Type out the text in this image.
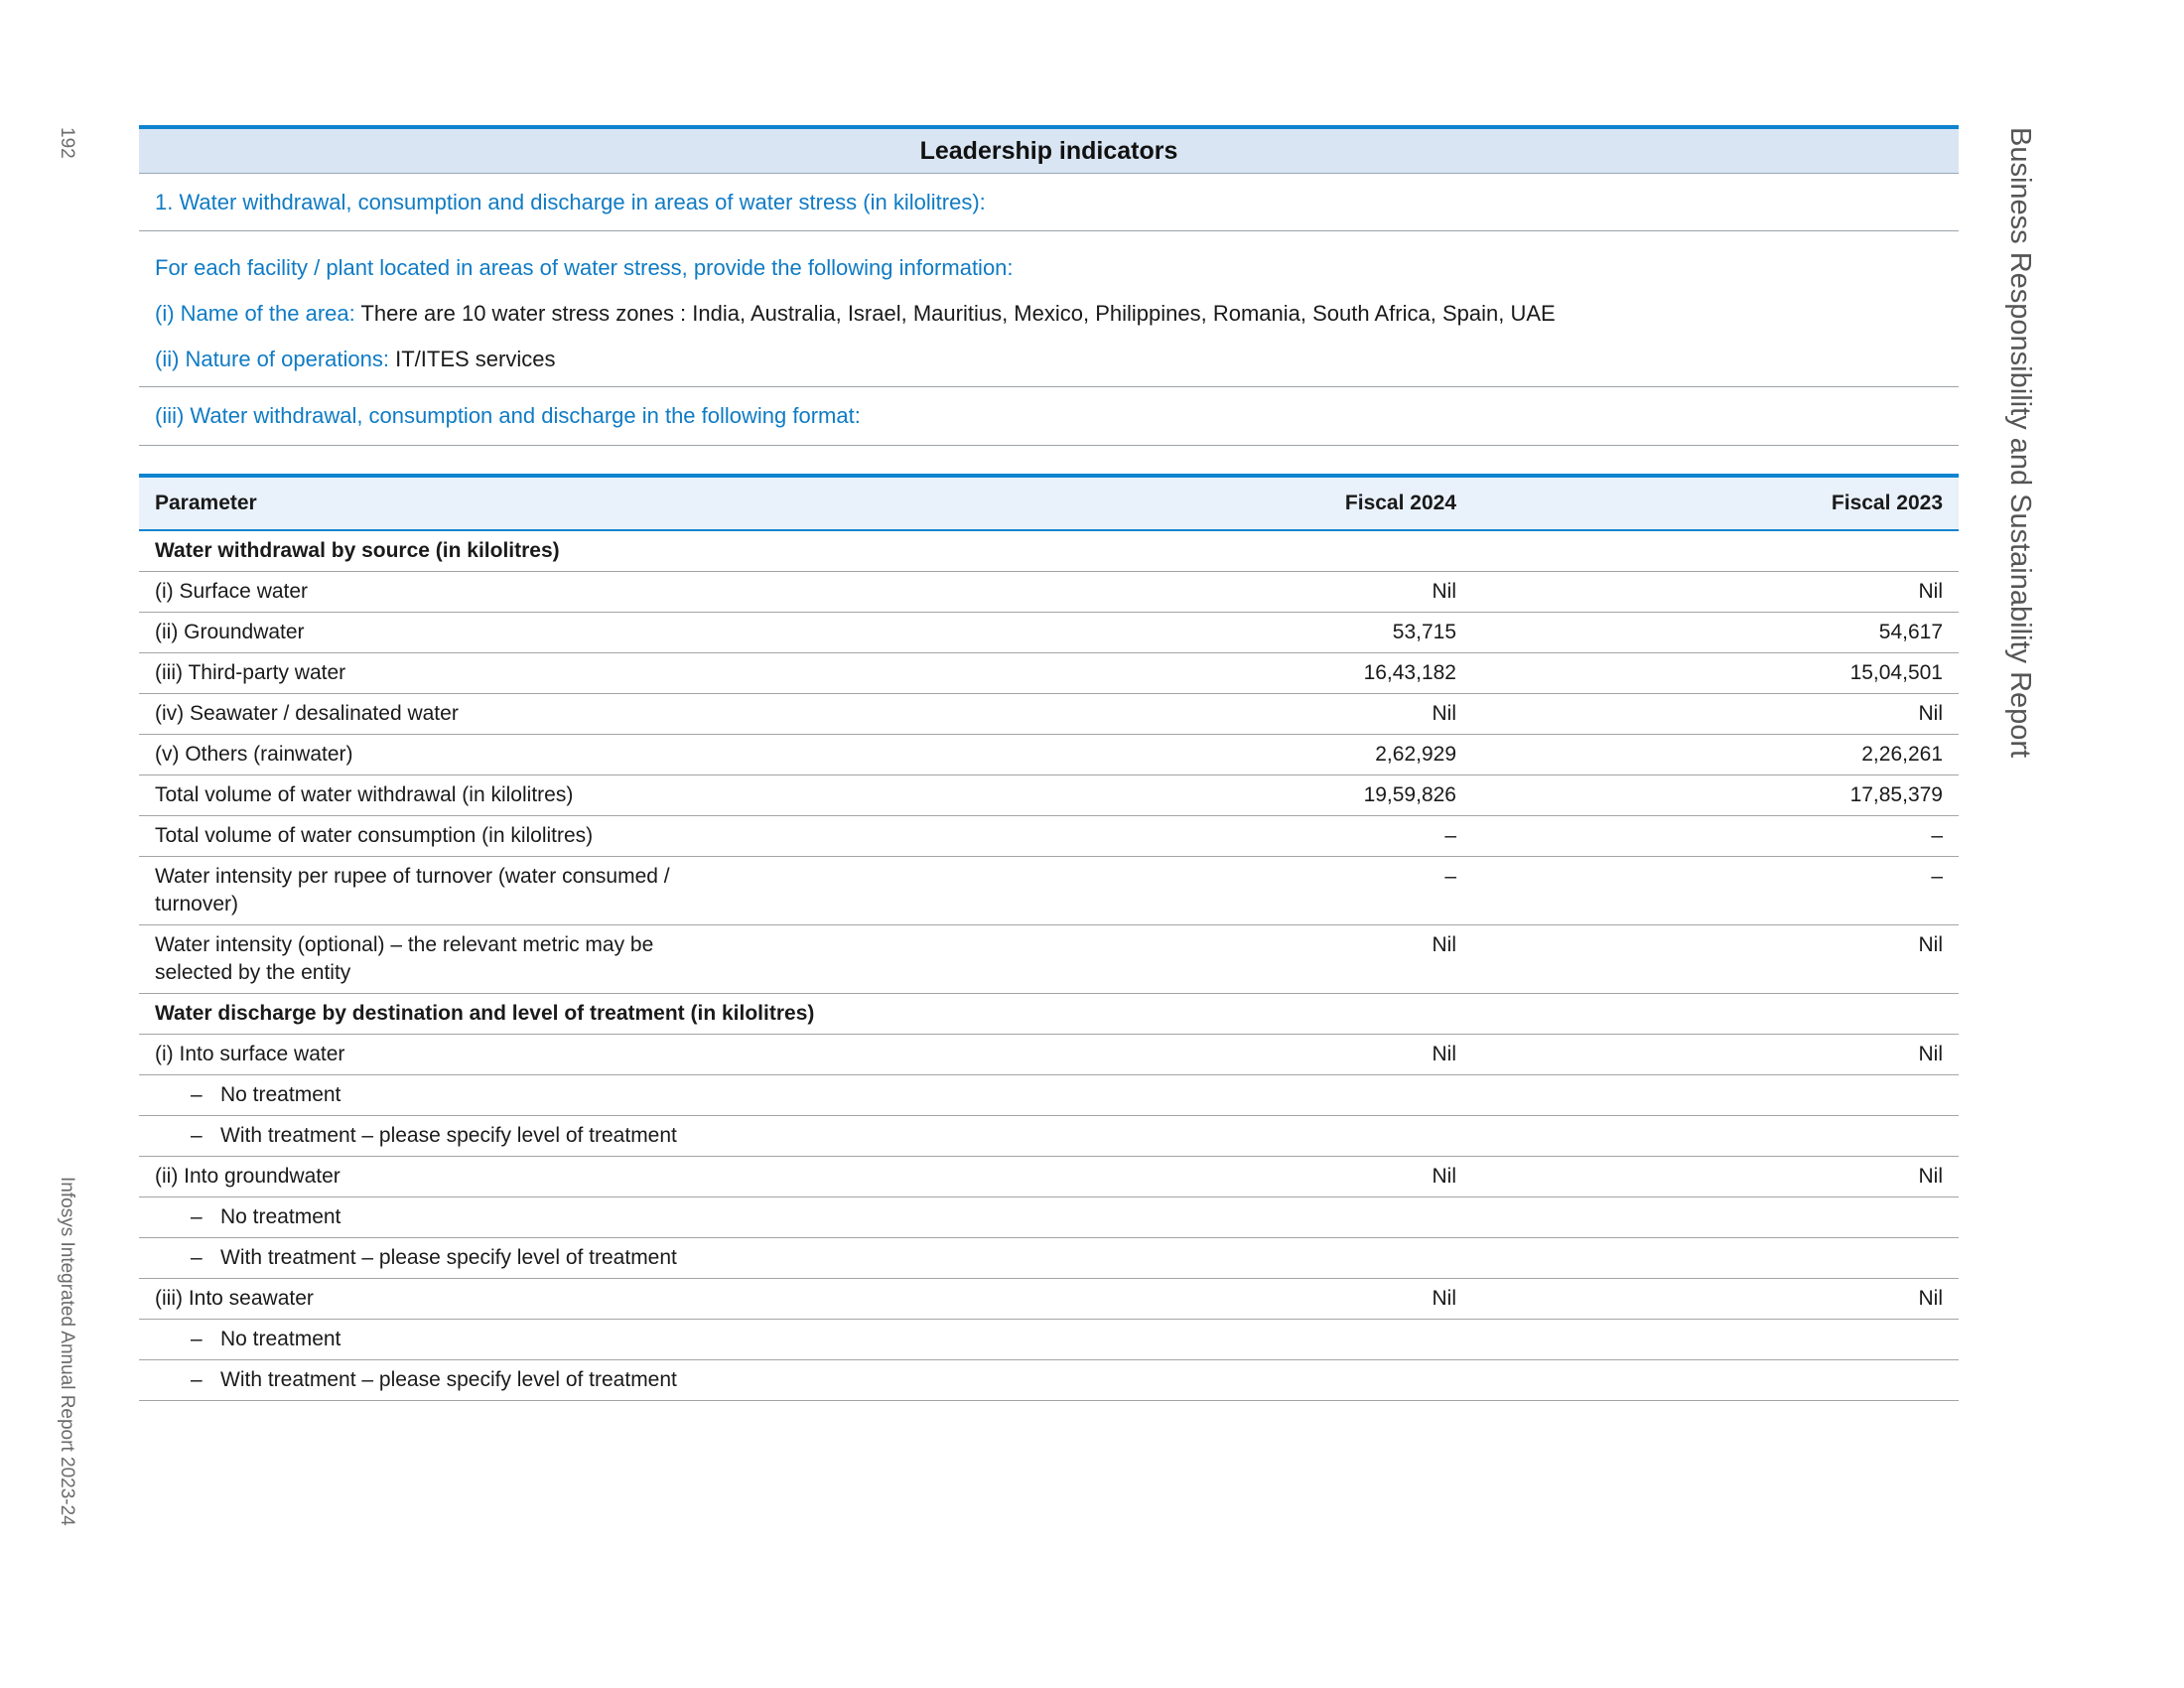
192
Infosys Integrated Annual Report 2023-24
Business Responsibility and Sustainability Report
Leadership indicators
1. Water withdrawal, consumption and discharge in areas of water stress (in kilolitres):
For each facility / plant located in areas of water stress, provide the following information:
(i) Name of the area: There are 10 water stress zones : India, Australia, Israel, Mauritius, Mexico, Philippines, Romania, South Africa, Spain, UAE
(ii) Nature of operations: IT/ITES services
(iii) Water withdrawal, consumption and discharge in the following format:
Parameter	Fiscal 2024	Fiscal 2023
Water withdrawal by source (in kilolitres)		
(i) Surface water	Nil	Nil
(ii) Groundwater	53,715	54,617
(iii) Third-party water	16,43,182	15,04,501
(iv) Seawater / desalinated water	Nil	Nil
(v) Others (rainwater)	2,62,929	2,26,261
Total volume of water withdrawal (in kilolitres)	19,59,826	17,85,379
Total volume of water consumption (in kilolitres)	–	–
Water intensity per rupee of turnover (water consumed / turnover)	–	–
Water intensity (optional) – the relevant metric may be selected by the entity	Nil	Nil
Water discharge by destination and level of treatment (in kilolitres)		
(i) Into surface water	Nil	Nil
– No treatment		
– With treatment – please specify level of treatment		
(ii) Into groundwater	Nil	Nil
– No treatment		
– With treatment – please specify level of treatment		
(iii) Into seawater	Nil	Nil
– No treatment		
– With treatment – please specify level of treatment		
